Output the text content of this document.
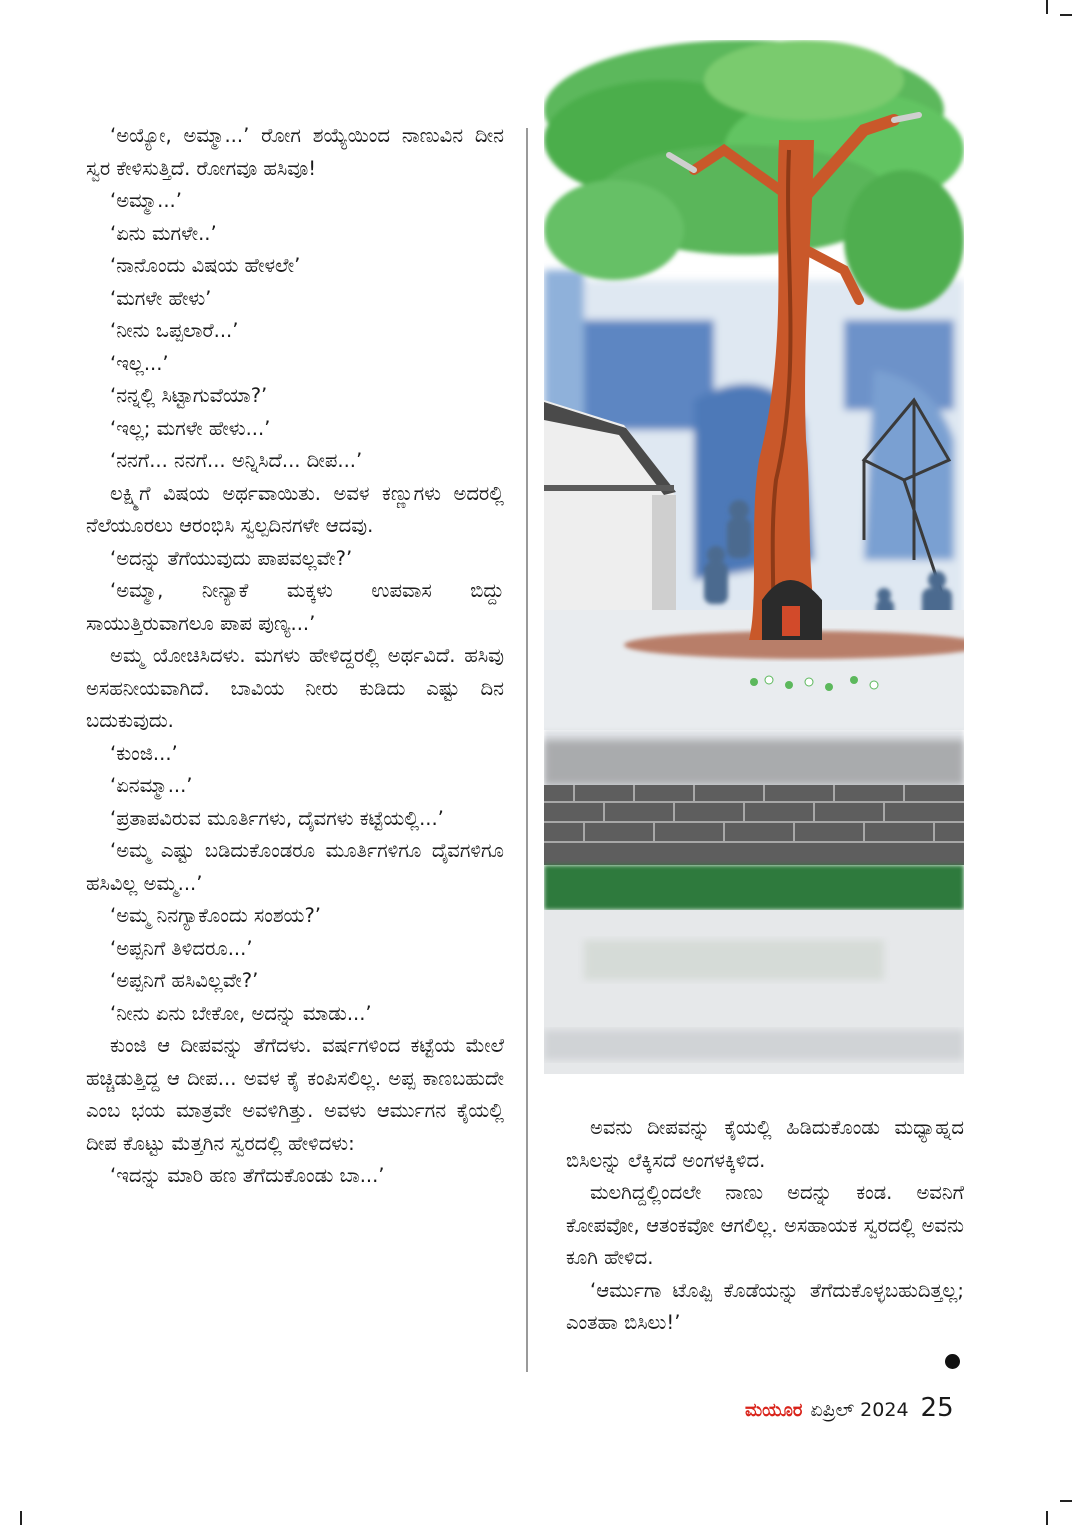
‘ಅಯ್ಯೋ, ಅಮ್ಮಾ...’ ರೋಗ ಶಯ್ಯೆಯಿಂದ ನಾಣುವಿನ ದೀನ ಸ್ವರ ಕೇಳಿಸುತ್ತಿದೆ. ರೋಗವೂ ಹಸಿವೂ!

‘ಅಮ್ಮಾ...’

‘ಏನು ಮಗಳೇ..’

‘ನಾನೊಂದು ವಿಷಯ ಹೇಳಲೇ’

‘ಮಗಳೇ ಹೇಳು’

‘ನೀನು ಒಪ್ಪಲಾರೆ...’

‘ಇಲ್ಲ...’

‘ನನ್ನಲ್ಲಿ ಸಿಟ್ಟಾಗುವೆಯಾ?’

‘ಇಲ್ಲ; ಮಗಳೇ ಹೇಳು...’

‘ನನಗೆ... ನನಗೆ... ಅನ್ನಿಸಿದೆ... ದೀಪ...’

ಲಕ್ಷ್ಮಿಗೆ ವಿಷಯ ಅರ್ಥವಾಯಿತು. ಅವಳ ಕಣ್ಣುಗಳು ಅದರಲ್ಲಿ ನೆಲೆಯೂರಲು ಆರಂಭಿಸಿ ಸ್ವಲ್ಪದಿನಗಳೇ ಆದವು.

‘ಅದನ್ನು ತೆಗೆಯುವುದು ಪಾಪವಲ್ಲವೇ?’

‘ಅಮ್ಮಾ, ನೀನ್ಯಾಕೆ ಮಕ್ಕಳು ಉಪವಾಸ ಬಿದ್ದು ಸಾಯುತ್ತಿರುವಾಗಲೂ ಪಾಪ ಪುಣ್ಯ...’

ಅಮ್ಮ ಯೋಚಿಸಿದಳು. ಮಗಳು ಹೇಳಿದ್ದರಲ್ಲಿ ಅರ್ಥವಿದೆ. ಹಸಿವು ಅಸಹನೀಯವಾಗಿದೆ. ಬಾವಿಯ ನೀರು ಕುಡಿದು ಎಷ್ಟು ದಿನ ಬದುಕುವುದು.

‘ಕುಂಜಿ...’

‘ಏನಮ್ಮಾ...’

‘ಪ್ರತಾಪವಿರುವ ಮೂರ್ತಿಗಳು, ದೈವಗಳು ಕಟ್ಟೆಯಲ್ಲಿ...’

‘ಅಮ್ಮ ಎಷ್ಟು ಬಡಿದುಕೊಂಡರೂ ಮೂರ್ತಿಗಳಿಗೂ ದೈವಗಳಿಗೂ ಹಸಿವಿಲ್ಲ ಅಮ್ಮ...’

‘ಅಮ್ಮ ನಿನಗ್ಯಾಕೊಂದು ಸಂಶಯ?’

‘ಅಪ್ಪನಿಗೆ ತಿಳಿದರೂ...’

‘ಅಪ್ಪನಿಗೆ ಹಸಿವಿಲ್ಲವೇ?’

‘ನೀನು ಏನು ಬೇಕೋ, ಅದನ್ನು ಮಾಡು...’

ಕುಂಜಿ ಆ ದೀಪವನ್ನು ತೆಗೆದಳು. ವರ್ಷಗಳಿಂದ ಕಟ್ಟೆಯ ಮೇಲೆ ಹಚ್ಚಿಡುತ್ತಿದ್ದ ಆ ದೀಪ... ಅವಳ ಕೈ ಕಂಪಿಸಲಿಲ್ಲ. ಅಪ್ಪ ಕಾಣಬಹುದೇ ಎಂಬ ಭಯ ಮಾತ್ರವೇ ಅವಳಿಗಿತ್ತು. ಅವಳು ಆರ್ಮುಗನ ಕೈಯಲ್ಲಿ ದೀಪ ಕೊಟ್ಟು ಮೆತ್ತಗಿನ ಸ್ವರದಲ್ಲಿ ಹೇಳಿದಳು:

‘ಇದನ್ನು ಮಾರಿ ಹಣ ತೆಗೆದುಕೊಂಡು ಬಾ...’

ಅವನು ದೀಪವನ್ನು ಕೈಯಲ್ಲಿ ಹಿಡಿದುಕೊಂಡು ಮಧ್ಯಾಹ್ನದ ಬಿಸಿಲನ್ನು ಲೆಕ್ಕಿಸದೆ ಅಂಗಳಕ್ಕಿಳಿದ.

ಮಲಗಿದ್ದಲ್ಲಿಂದಲೇ ನಾಣು ಅದನ್ನು ಕಂಡ. ಅವನಿಗೆ ಕೋಪವೋ, ಆತಂಕವೋ ಆಗಲಿಲ್ಲ. ಅಸಹಾಯಕ ಸ್ವರದಲ್ಲಿ ಅವನು ಕೂಗಿ ಹೇಳಿದ.

‘ಆರ್ಮುಗಾ ಟೊಪ್ಪಿ ಕೊಡೆಯನ್ನು ತೆಗೆದುಕೊಳ್ಳಬಹುದಿತ್ತಲ್ಲ; ಎಂತಹಾ ಬಿಸಿಲು!’

ಮಯೂರ ಏಪ್ರಿಲ್ 2024 25
